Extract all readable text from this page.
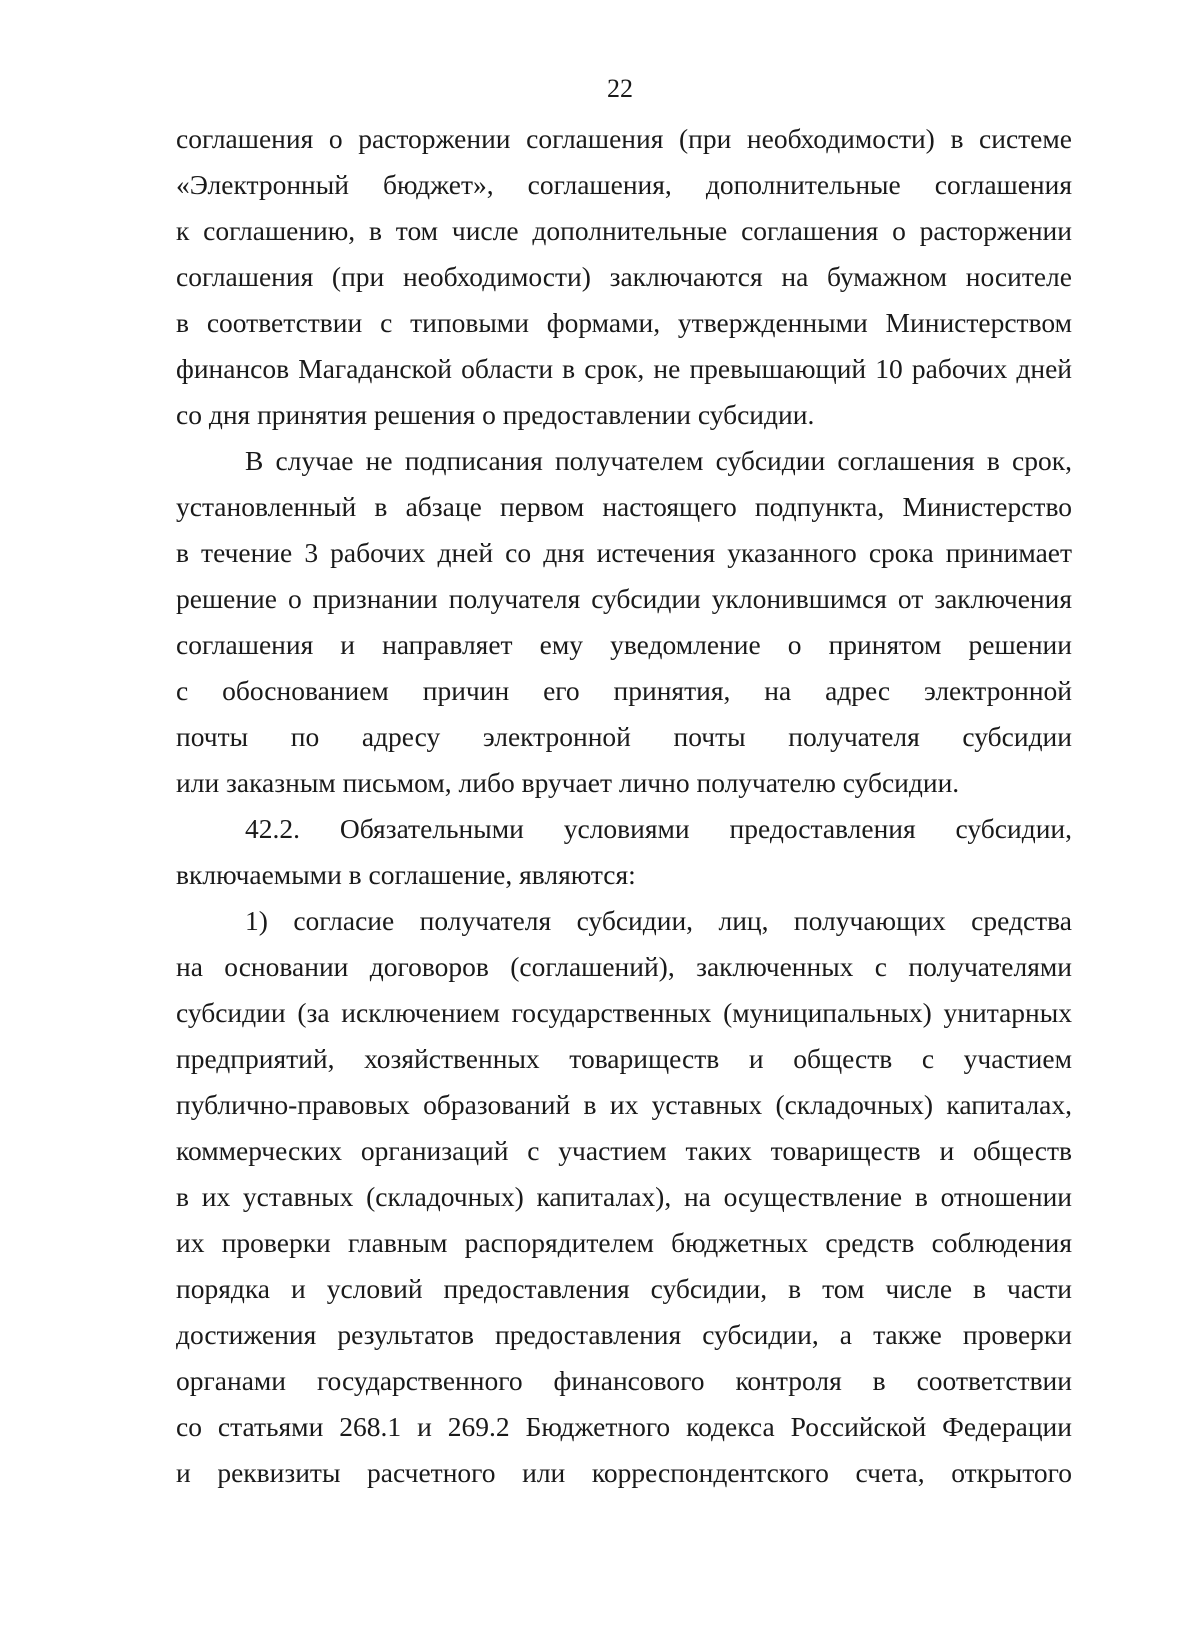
22
соглашения о расторжении соглашения (при необходимости) в системе
«Электронный бюджет», соглашения, дополнительные соглашения
к соглашению, в том числе дополнительные соглашения о расторжении
соглашения (при необходимости) заключаются на бумажном носителе
в соответствии с типовыми формами, утвержденными Министерством
финансов Магаданской области в срок, не превышающий 10 рабочих дней
со дня принятия решения о предоставлении субсидии.
В случае не подписания получателем субсидии соглашения в срок,
установленный в абзаце первом настоящего подпункта, Министерство
в течение 3 рабочих дней со дня истечения указанного срока принимает
решение о признании получателя субсидии уклонившимся от заключения
соглашения и направляет ему уведомление о принятом решении
с обоснованием причин его принятия, на адрес электронной
почты по адресу электронной почты получателя субсидии
или заказным письмом, либо вручает лично получателю субсидии.
42.2. Обязательными условиями предоставления субсидии,
включаемыми в соглашение, являются:
1) согласие получателя субсидии, лиц, получающих средства
на основании договоров (соглашений), заключенных с получателями
субсидии (за исключением государственных (муниципальных) унитарных
предприятий, хозяйственных товариществ и обществ с участием
публично-правовых образований в их уставных (складочных) капиталах,
коммерческих организаций с участием таких товариществ и обществ
в их уставных (складочных) капиталах), на осуществление в отношении
их проверки главным распорядителем бюджетных средств соблюдения
порядка и условий предоставления субсидии, в том числе в части
достижения результатов предоставления субсидии, а также проверки
органами государственного финансового контроля в соответствии
со статьями 268.1 и 269.2 Бюджетного кодекса Российской Федерации
и реквизиты расчетного или корреспондентского счета, открытого
